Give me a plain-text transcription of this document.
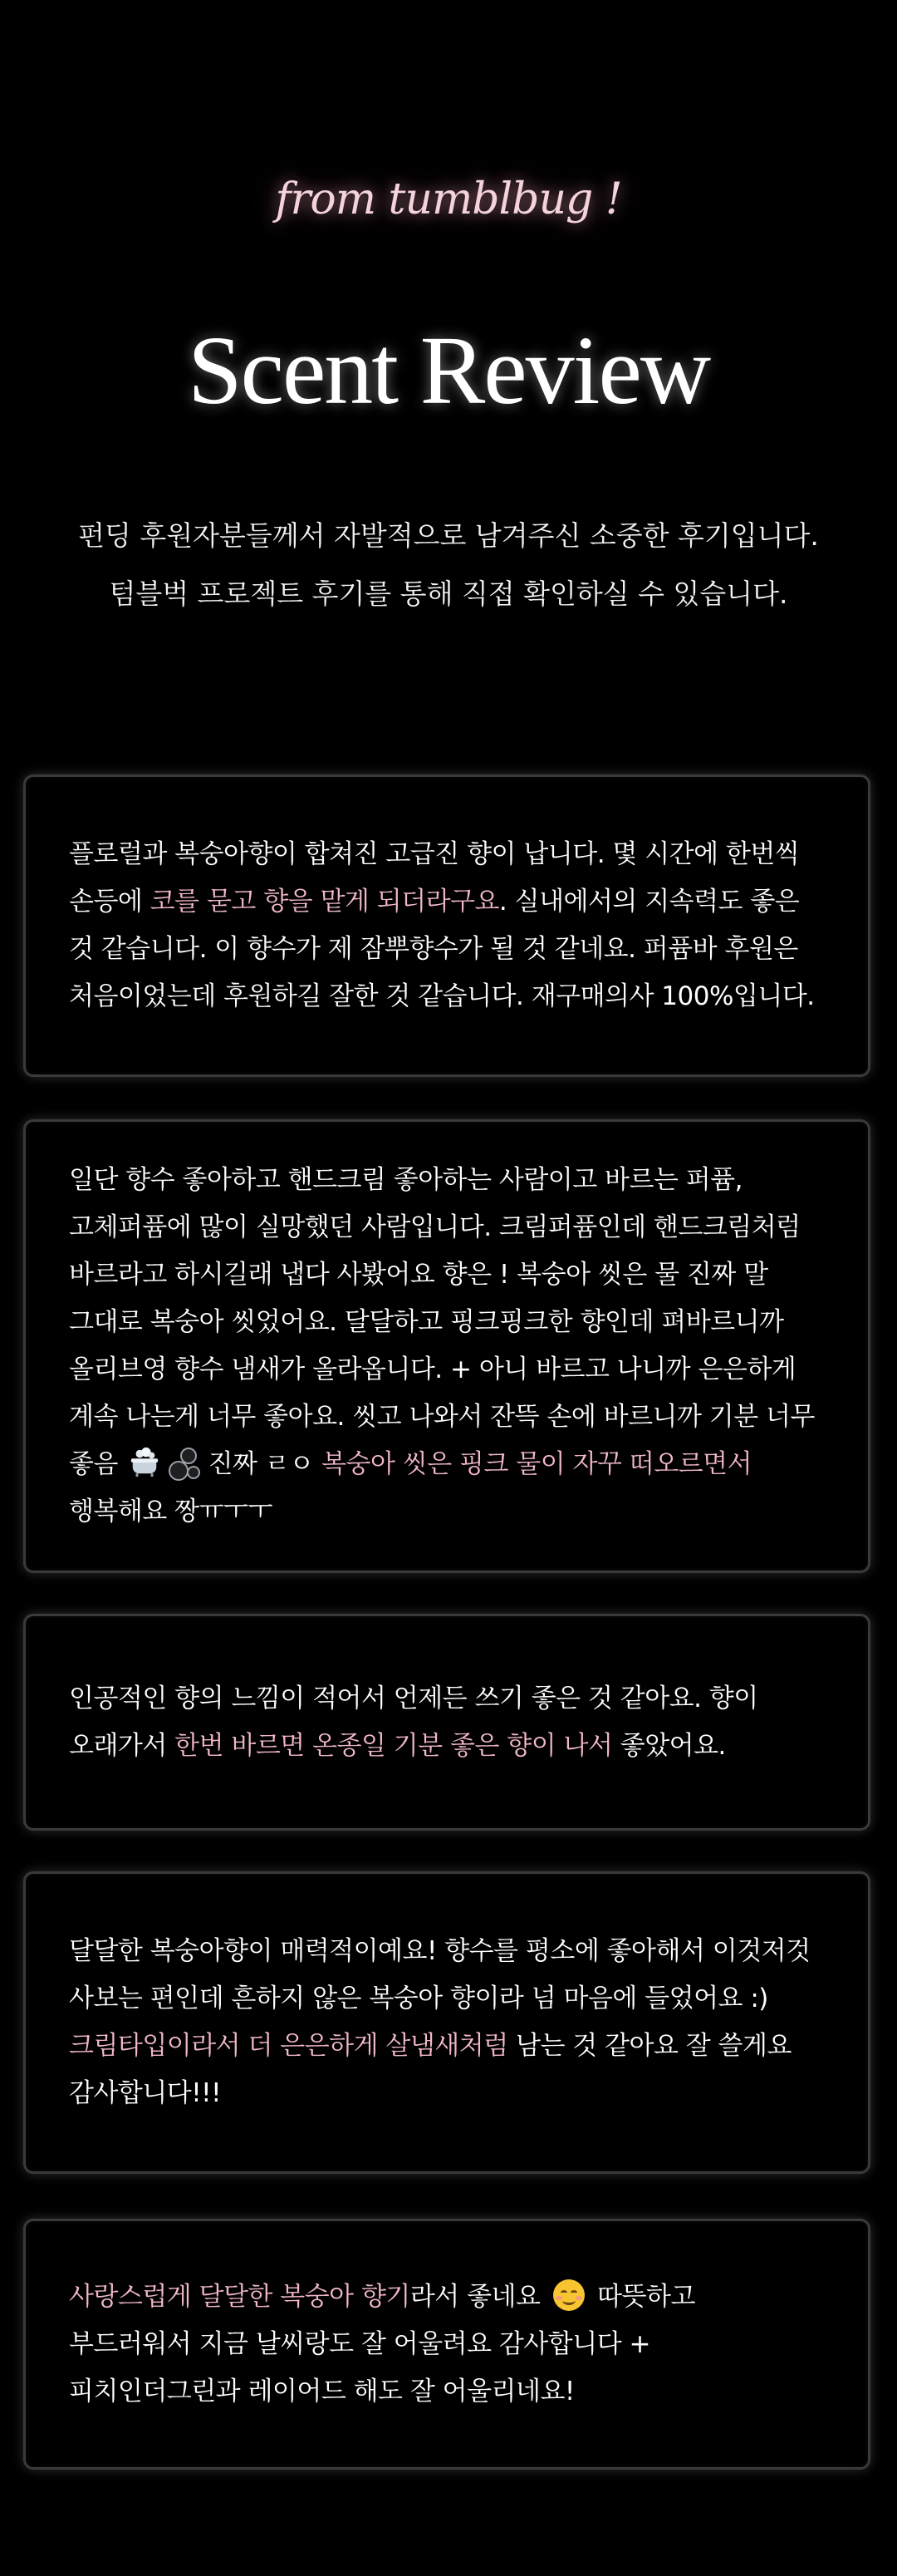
from tumblbug !
Scent Review

펀딩 후원자분들께서 자발적으로 남겨주신 소중한 후기입니다.

텀블벅 프로젝트 후기를 통해 직접 확인하실 수 있습니다.

플로럴과 복숭아향이 합쳐진 고급진 향이 납니다. 몇 시간에 한번씩 손등에 코를 묻고 향을 맡게 되더라구요. 실내에서의 지속력도 좋은 것 같습니다. 이 향수가 제 잠뿌향수가 될 것 같네요. 퍼퓸바 후원은 처음이었는데 후원하길 잘한 것 같습니다. 재구매의사 100%입니다.

일단 향수 좋아하고 핸드크림 좋아하는 사람이고 바르는 퍼퓸, 고체퍼퓸에 많이 실망했던 사람입니다. 크림퍼퓸인데 핸드크림처럼 바르라고 하시길래 냅다 사봤어요 향은 ! 복숭아 씻은 물 진짜 말 그대로 복숭아 씻었어요. 달달하고 핑크핑크한 향인데 펴바르니까 올리브영 향수 냄새가 올라옵니다. + 아니 바르고 나니까 은은하게 계속 나는게 너무 좋아요. 씻고 나와서 잔뜩 손에 바르니까 기분 너무 좋음	진짜 ㄹㅇ 복숭아 씻은 핑크 물이 자꾸 떠오르면서 행복해요 짱ㅠㅜㅜ

인공적인 향의 느낌이 적어서 언제든 쓰기 좋은 것 같아요. 향이 오래가서 한번 바르면 온종일 기분 좋은 향이 나서 좋았어요.

달달한 복숭아향이 매력적이예요! 향수를 평소에 좋아해서 이것저것 사보는 편인데 흔하지 않은 복숭아 향이라 넘 마음에 들었어요 :) 크림타입이라서 더 은은하게 살냄새처럼 남는 것 같아요 잘 쓸게요 감사합니다!!!

사랑스럽게 달달한 복숭아 향기라서 좋네요
따뜻하고 부드러워서 지금 날씨랑도 잘 어울려요 감사합니다 + 피치인더그린과 레이어드 해도 잘 어울리네요!
